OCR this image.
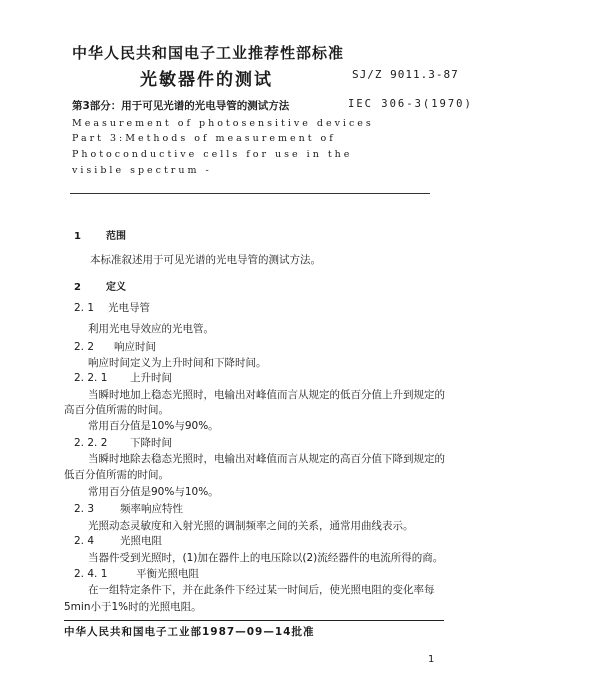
中华人民共和国电子工业推荐性部标准
光敏器件的测试	SJ/Z 9011.3-87
第3部分：用于可见光谱的光电导管的测试方法	IEC 306-3(1970)
Measurement of photosensitive devices
Part 3:Methods of measurement of
Photoconductive cells for use in the
visible spectrum -
1	范围
本标准叙述用于可见光谱的光电导管的测试方法。
2	定义
2. 1 光电导管
利用光电导效应的光电管。
2. 2 响应时间
响应时间定义为上升时间和下降时间。
2. 2. 1 上升时间
当瞬时地加上稳态光照时，电输出对峰值而言从规定的低百分值上升到规定的
高百分值所需的时间。
常用百分值是10%与90%。
2. 2. 2 下降时间
当瞬时地除去稳态光照时，电输出对峰值而言从规定的高百分值下降到规定的
低百分值所需的时间。
常用百分值是90%与10%。
2. 3 频率响应特性
光照动态灵敏度和入射光照的调制频率之间的关系，通常用曲线表示。
2. 4 光照电阻
当器件受到光照时，(1)加在器件上的电压除以(2)流经器件的电流所得的商。
2. 4. 1	平衡光照电阻
在一组特定条件下，并在此条件下经过某一时间后，使光照电阻的变化率每
5min小于1%时的光照电阻。
中华人民共和国电子工业部1987—09—14批准
1
